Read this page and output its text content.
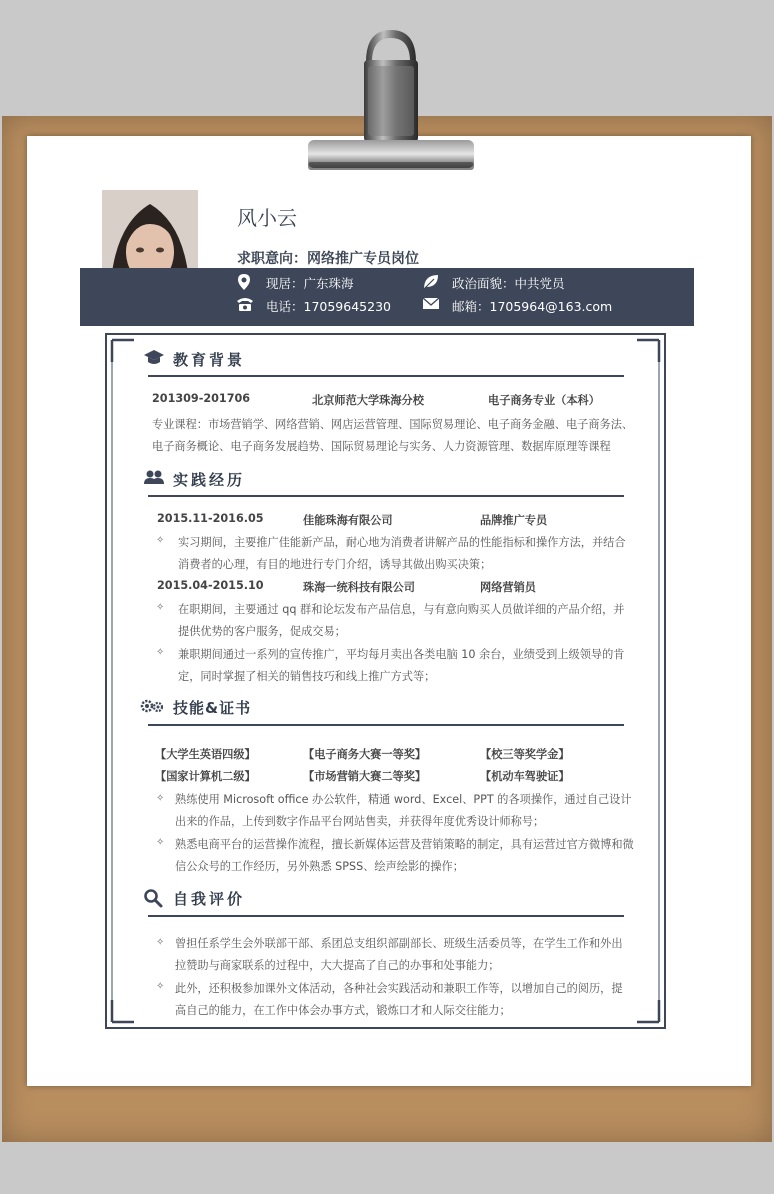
风小云
求职意向：网络推广专员岗位
现居：广东珠海	政治面貌：中共党员
电话：17059645230	邮箱：1705964@163.com
教育背景
201309-201706	北京师范大学珠海分校	电子商务专业（本科）
专业课程：市场营销学、网络营销、网店运营管理、国际贸易理论、电子商务金融、电子商务法、
电子商务概论、电子商务发展趋势、国际贸易理论与实务、人力资源管理、数据库原理等课程
实践经历
2015.11-2016.05	佳能珠海有限公司	品牌推广专员
✧ 实习期间，主要推广佳能新产品，耐心地为消费者讲解产品的性能指标和操作方法，并结合
消费者的心理，有目的地进行专门介绍，诱导其做出购买决策；
2015.04-2015.10	珠海一统科技有限公司	网络营销员
✧ 在职期间，主要通过 qq 群和论坛发布产品信息，与有意向购买人员做详细的产品介绍，并
提供优势的客户服务，促成交易；
✧ 兼职期间通过一系列的宣传推广，平均每月卖出各类电脑 10 余台，业绩受到上级领导的肯
定，同时掌握了相关的销售技巧和线上推广方式等；
技能&证书
【大学生英语四级】	【电子商务大赛一等奖】	【校三等奖学金】
【国家计算机二级】	【市场营销大赛二等奖】	【机动车驾驶证】
✧ 熟练使用 Microsoft office 办公软件，精通 word、Excel、PPT 的各项操作，通过自己设计
出来的作品，上传到数字作品平台网站售卖，并获得年度优秀设计师称号；
✧ 熟悉电商平台的运营操作流程，擅长新媒体运营及营销策略的制定，具有运营过官方微博和微
信公众号的工作经历，另外熟悉 SPSS、绘声绘影的操作；
自我评价
✧ 曾担任系学生会外联部干部、系团总支组织部副部长、班级生活委员等，在学生工作和外出
拉赞助与商家联系的过程中，大大提高了自己的办事和处事能力；
✧ 此外，还积极参加课外文体活动，各种社会实践活动和兼职工作等，以增加自己的阅历，提
高自己的能力，在工作中体会办事方式，锻炼口才和人际交往能力；
